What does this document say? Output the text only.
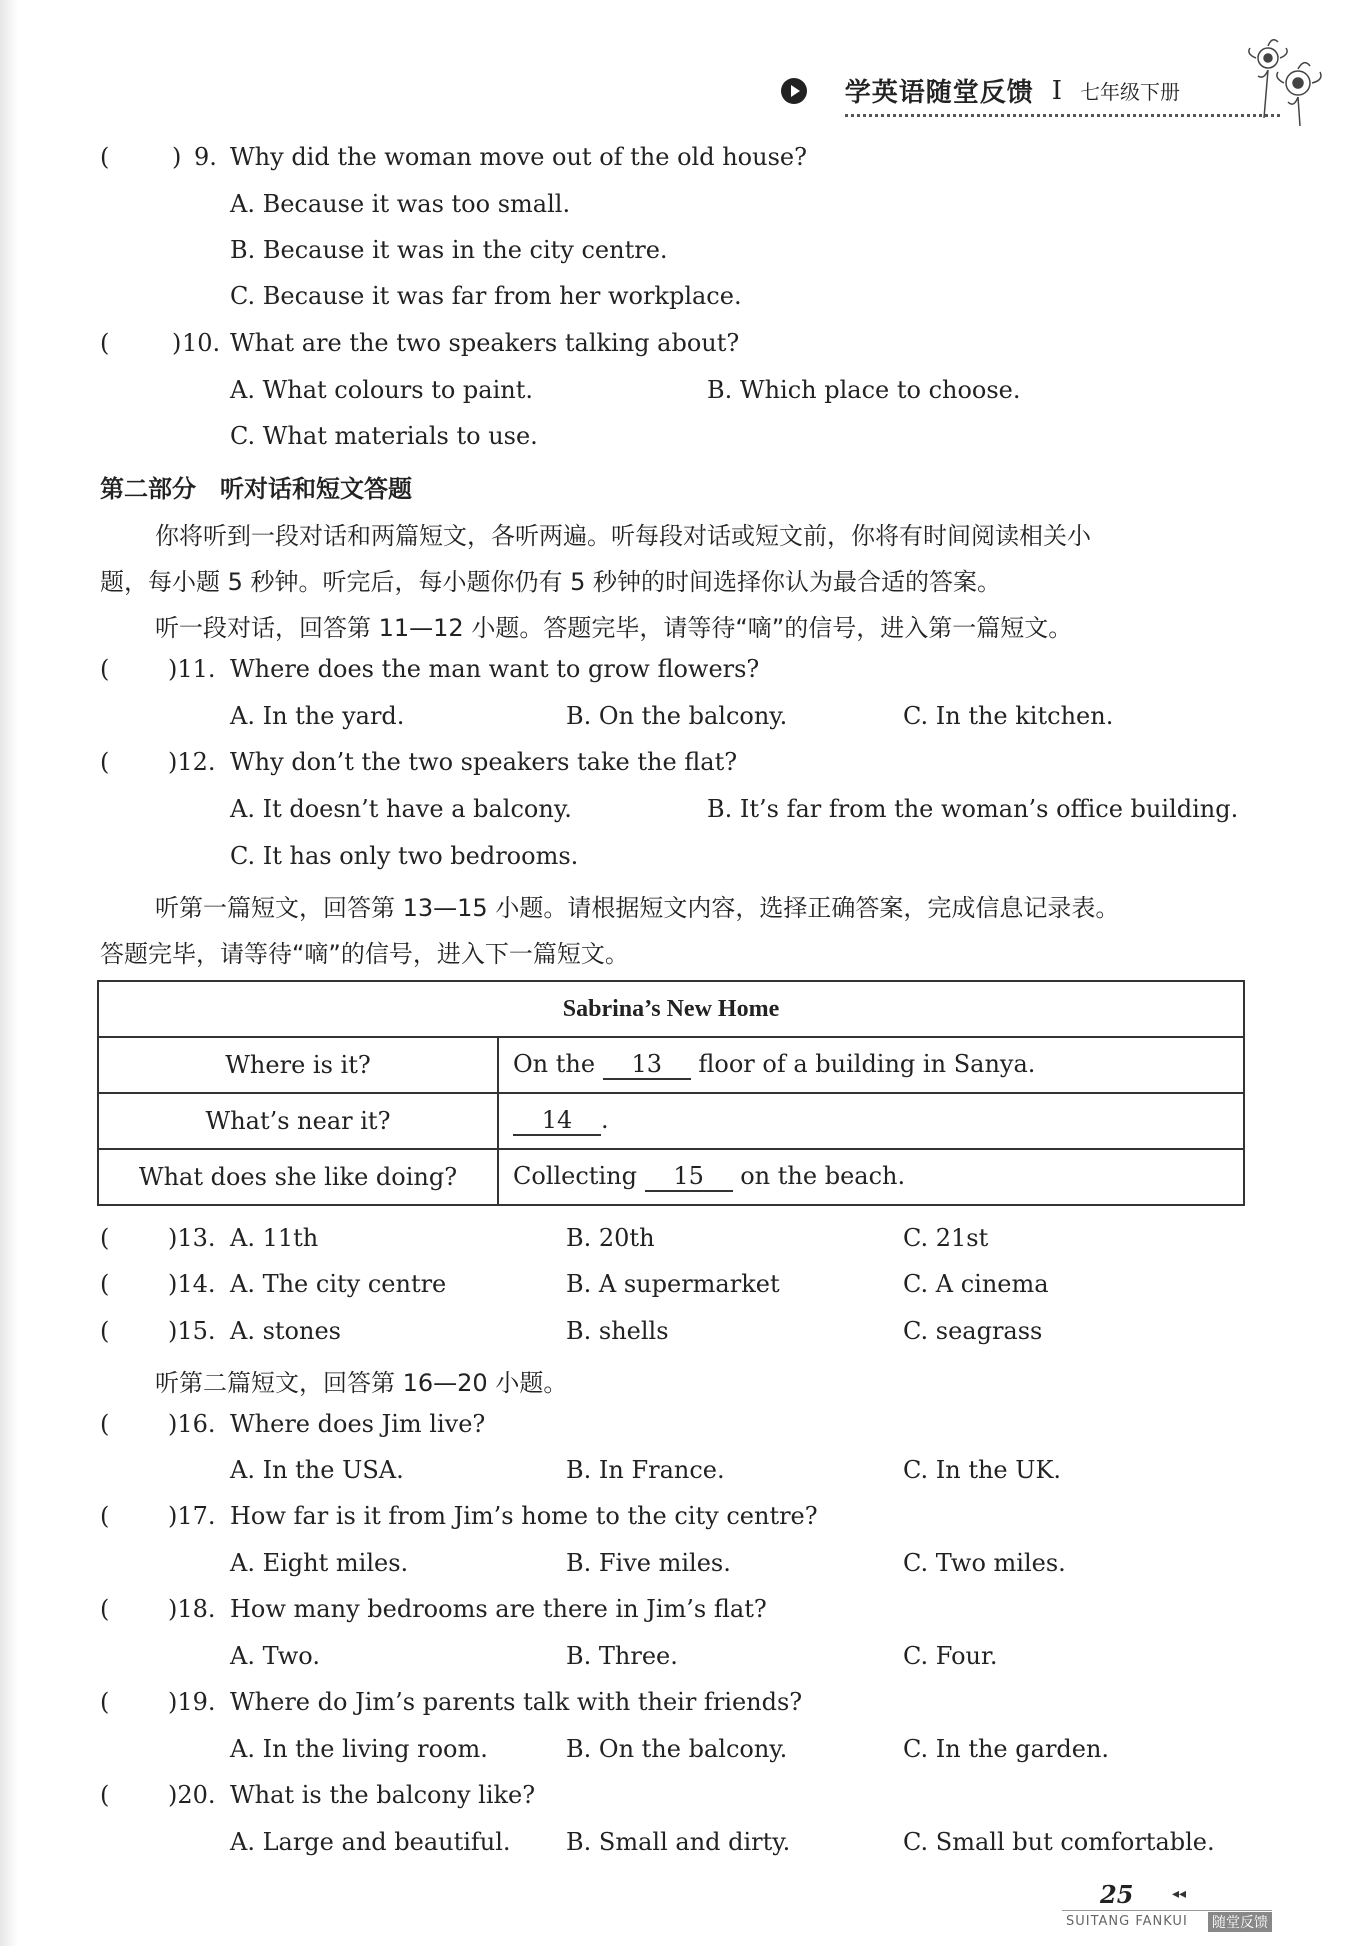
学英语随堂反馈 I 七年级下册
(	) 9. Why did the woman move out of the old house?
A. Because it was too small.
B. Because it was in the city centre.
C. Because it was far from her workplace.
(	) 10. What are the two speakers talking about?
A. What colours to paint.	B. Which place to choose.
C. What materials to use.
第二部分　听对话和短文答题
你将听到一段对话和两篇短文，各听两遍。听每段对话或短文前，你将有时间阅读相关小
题，每小题 5 秒钟。听完后，每小题你仍有 5 秒钟的时间选择你认为最合适的答案。
听一段对话，回答第 11—12 小题。答题完毕，请等待“嘀”的信号，进入第一篇短文。
( )11. Where does the man want to grow flowers?
A. In the yard.	B. On the balcony.	C. In the kitchen.
( )12. Why don’t the two speakers take the flat?
A. It doesn’t have a balcony.	B. It’s far from the woman’s office building.
C. It has only two bedrooms.
听第一篇短文，回答第 13—15 小题。请根据短文内容，选择正确答案，完成信息记录表。
答题完毕，请等待“嘀”的信号，进入下一篇短文。
Sabrina’s New Home	
Where is it?	On the 13 floor of a building in Sanya.
What’s near it?	14 .
What does she like doing?	Collecting 15 on the beach.
( )13. A. 11th	B. 20th	C. 21st
( )14. A. The city centre	B. A supermarket	C. A cinema
( )15. A. stones	B. shells	C. seagrass
听第二篇短文，回答第 16—20 小题。
( )16. Where does Jim live?
A. In the USA.	B. In France.	C. In the UK.
( )17. How far is it from Jim’s home to the city centre?
A. Eight miles.	B. Five miles.	C. Two miles.
( )18. How many bedrooms are there in Jim’s flat?
A. Two.	B. Three.	C. Four.
( )19. Where do Jim’s parents talk with their friends?
A. In the living room.	B. On the balcony.	C. In the garden.
( )20. What is the balcony like?
A. Large and beautiful. B. Small and dirty.	C. Small but comfortable.
25	◂◂
SUITANG FANKUI 随堂反馈
